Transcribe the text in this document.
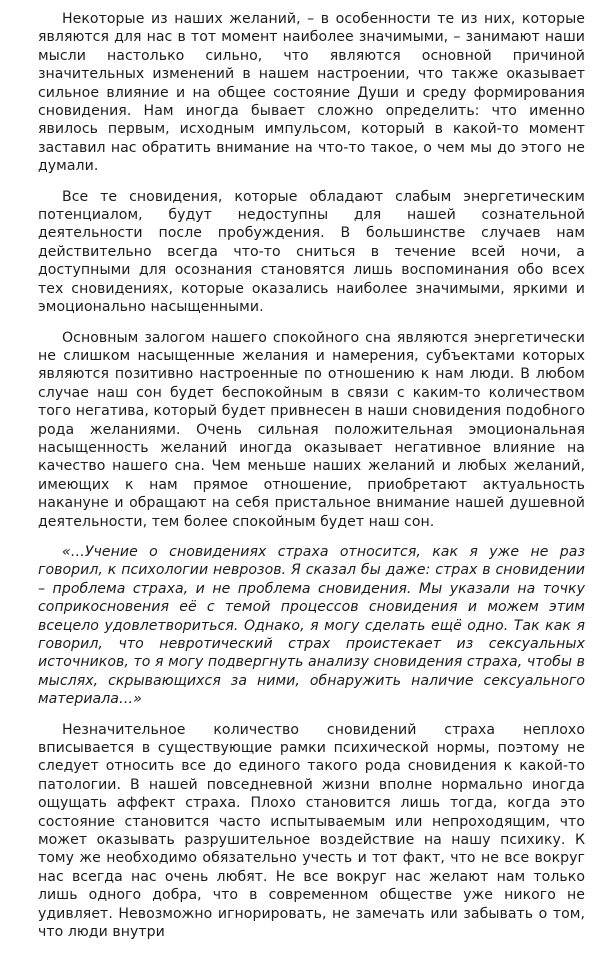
Некоторые из наших желаний, – в особенности те из них, которые являются для нас в тот момент наиболее значимыми, – занимают наши мысли настолько сильно, что являются основной причиной значительных изменений в нашем настроении, что также оказывает сильное влияние и на общее состояние Души и среду формирования сновидения. Нам иногда бывает сложно определить: что именно явилось первым, исходным импульсом, который в какой-то момент заставил нас обратить внимание на что-то такое, о чем мы до этого не думали.

Все те сновидения, которые обладают слабым энергетическим потенциалом, будут недоступны для нашей сознательной деятельности после пробуждения. В большинстве случаев нам действительно всегда что-то сниться в течение всей ночи, а доступными для осознания становятся лишь воспоминания обо всех тех сновидениях, которые оказались наиболее значимыми, яркими и эмоционально насыщенными.

Основным залогом нашего спокойного сна являются энергетически не слишком насыщенные желания и намерения, субъектами которых являются позитивно настроенные по отношению к нам люди. В любом случае наш сон будет беспокойным в связи с каким-то количеством того негатива, который будет привнесен в наши сновидения подобного рода желаниями. Очень сильная положительная эмоциональная насыщенность желаний иногда оказывает негативное влияние на качество нашего сна. Чем меньше наших желаний и любых желаний, имеющих к нам прямое отношение, приобретают актуальность накануне и обращают на себя пристальное внимание нашей душевной деятельности, тем более спокойным будет наш сон.

«…Учение о сновидениях страха относится, как я уже не раз говорил, к психологии неврозов. Я сказал бы даже: страх в сновидении – проблема страха, и не проблема сновидения. Мы указали на точку соприкосновения её с темой процессов сновидения и можем этим всецело удовлетвориться. Однако, я могу сделать ещё одно. Так как я говорил, что невротический страх проистекает из сексуальных источников, то я могу подвергнуть анализу сновидения страха, чтобы в мыслях, скрывающихся за ними, обнаружить наличие сексуального материала…»

Незначительное количество сновидений страха неплохо вписывается в существующие рамки психической нормы, поэтому не следует относить все до единого такого рода сновидения к какой-то патологии. В нашей повседневной жизни вполне нормально иногда ощущать аффект страха. Плохо становится лишь тогда, когда это состояние становится часто испытываемым или непроходящим, что может оказывать разрушительное воздействие на нашу психику. К тому же необходимо обязательно учесть и тот факт, что не все вокруг нас всегда нас очень любят. Не все вокруг нас желают нам только лишь одного добра, что в современном обществе уже никого не удивляет. Невозможно игнорировать, не замечать или забывать о том, что люди внутри
